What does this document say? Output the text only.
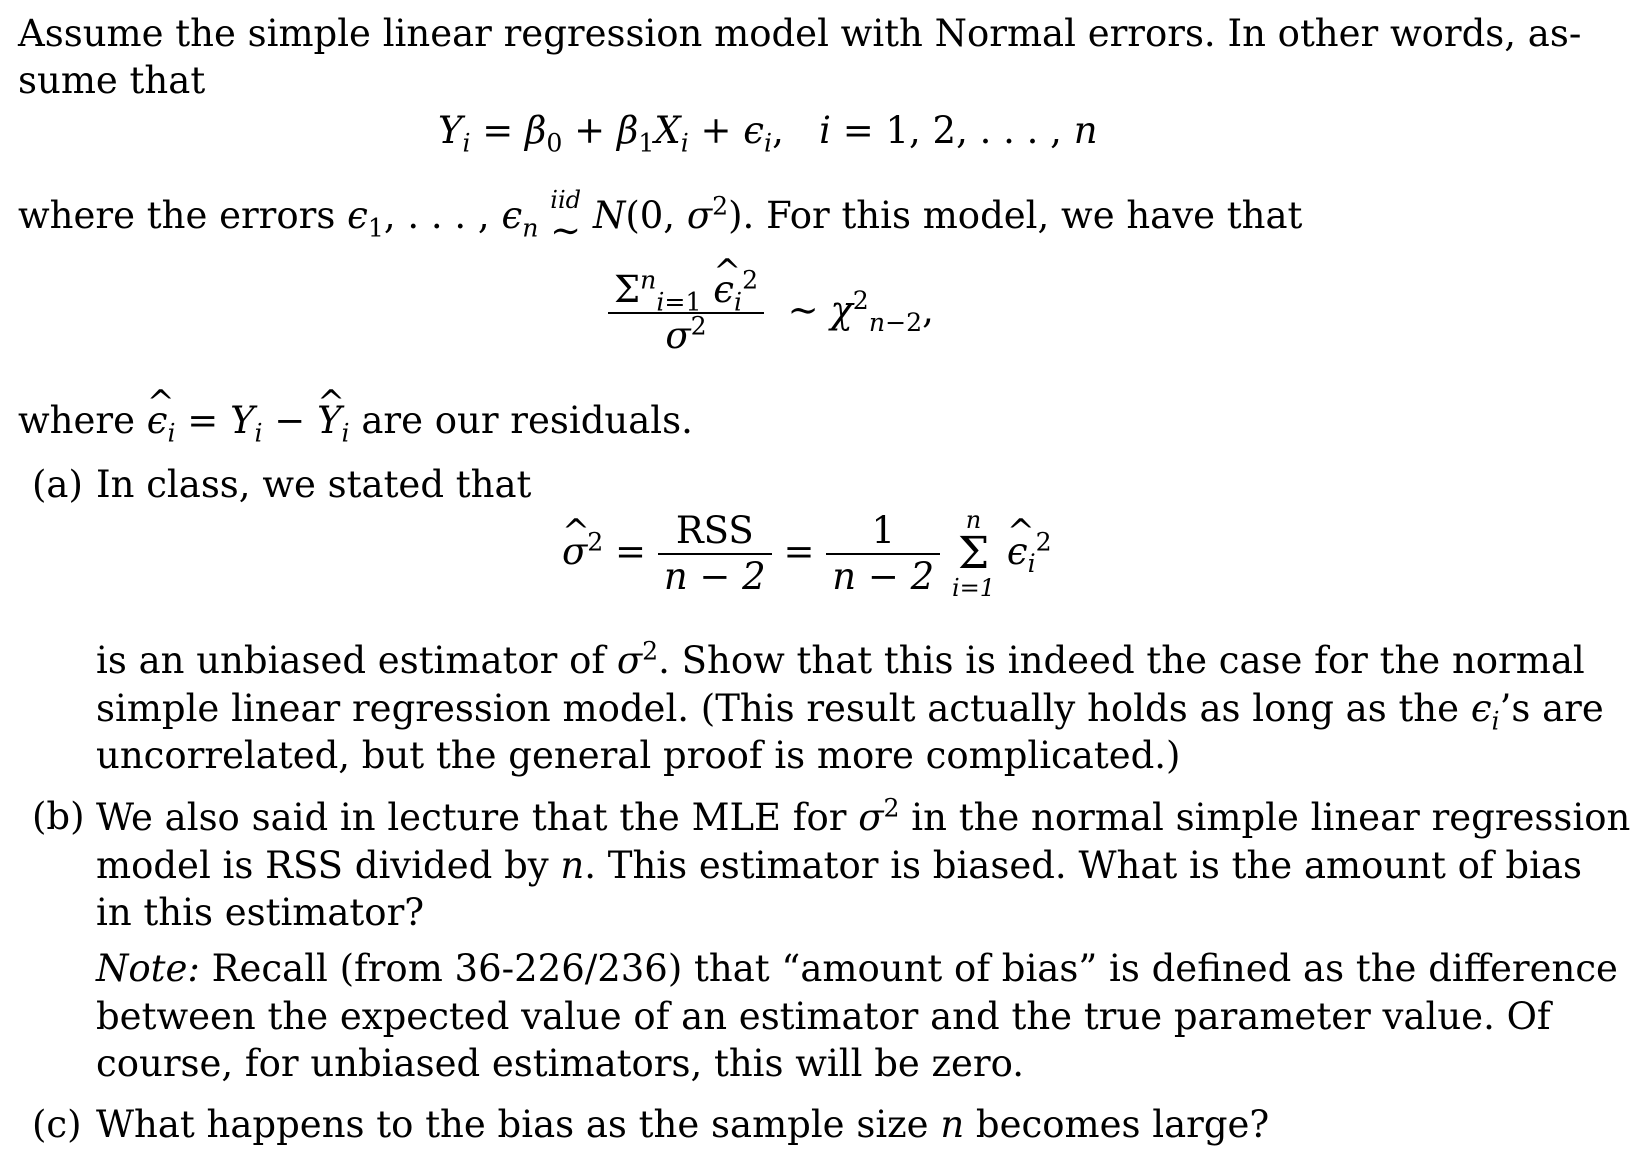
Assume the simple linear regression model with Normal errors. In other words, as-
sume that
$Y_i = \beta_0 + \beta_1X_i + \epsilon_i$,   i = 1, 2, . . . , n
where the errors $\epsilon_1$, . . . , $\epsilon_n$
iid
∼ N(0, $\sigma^2$). For this model, we have that
$\frac{\Sigma^n_{i=1} \^{} \epsilon_i^2}{\sigma^2}$ ∼ $\chi^2_{n-2}$,
where ^ $\epsilon_i = Y_i$ − ^ $Y_i$ are our residuals.
(a) In class, we stated that
^ $\sigma^2 = \frac{\text{RSS}}{n - 2} = \frac{1}{n - 2}$
	n
Σ
i=1
^ $\epsilon_i^2$
is an unbiased estimator of $\sigma^2$. Show that this is indeed the case for the normal
simple linear regression model. (This result actually holds as long as the $\epsilon_i’s$ are
uncorrelated, but the general proof is more complicated.)
(b) We also said in lecture that the MLE for $\sigma^2$ in the normal simple linear regression
model is RSS divided by n. This estimator is biased. What is the amount of bias
in this estimator?
Note: Recall (from 36-226/236) that “amount of bias” is defined as the difference
between the expected value of an estimator and the true parameter value. Of
course, for unbiased estimators, this will be zero.
(c) What happens to the bias as the sample size n becomes large?
